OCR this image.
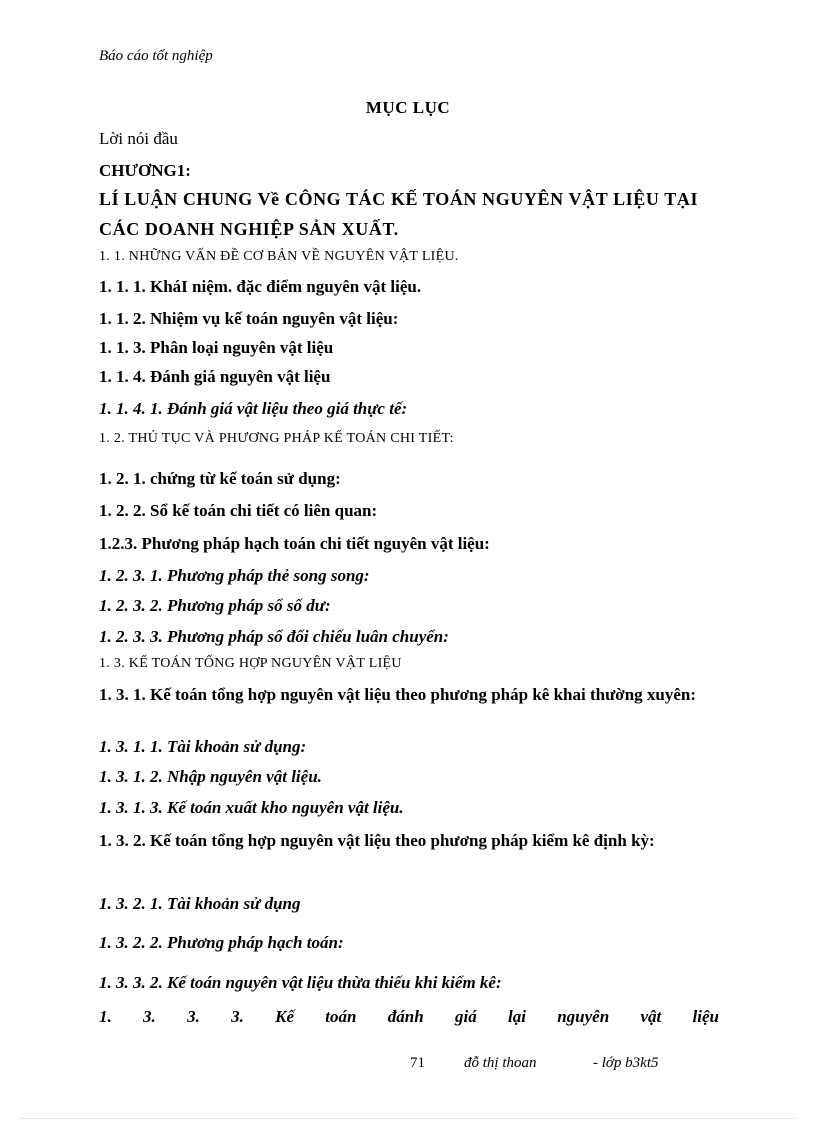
Báo cáo tốt nghiệp
MỤC LỤC
Lời nói đầu
CHƯƠNG1:
LÍ LUẬN CHUNG Về CÔNG TÁC KẾ TOÁN NGUYÊN VẬT LIỆU TẠI
CÁC DOANH NGHIỆP SẢN XUẤT.
1. 1. NHỮNG VẤN ĐỀ CƠ BẢN VỀ NGUYÊN VẬT LIỆU.
1. 1. 1. KháI niệm. đặc điểm nguyên vật liệu.
1. 1. 2. Nhiệm vụ kế toán nguyên vật liệu:
1. 1. 3. Phân loại nguyên vật liệu
1. 1. 4. Đánh giá nguyên vật liệu
1. 1. 4. 1. Đánh giá vật liệu theo giá thực tế:
1. 2. THỦ TỤC VÀ PHƯƠNG PHÁP KẾ TOÁN CHI TIẾT:
1. 2. 1. chứng từ kế toán sử dụng:
1. 2. 2. Sổ kế toán chi tiết có liên quan:
1.2.3. Phương pháp hạch toán chi tiết nguyên vật liệu:
1. 2. 3. 1. Phương pháp thẻ song song:
1. 2. 3. 2. Phương pháp sổ số dư:
1. 2. 3. 3. Phương pháp sổ đối chiếu luân chuyển:
1. 3. KẾ TOÁN TỔNG HỢP NGUYÊN VẬT LIỆU
1. 3. 1. Kế toán tổng hợp nguyên vật liệu theo phương pháp kê khai thường xuyên:
1. 3. 1. 1. Tài khoản sử dụng:
1. 3. 1. 2. Nhập nguyên vật liệu.
1. 3. 1. 3. Kế toán xuất kho nguyên vật liệu.
1. 3. 2. Kế toán tổng hợp nguyên vật liệu theo phương pháp kiểm kê định kỳ:
1. 3. 2. 1. Tài khoản sử dụng
1. 3. 2. 2. Phương pháp hạch toán:
1. 3. 3. 2. Kế toán nguyên vật liệu thừa thiếu khi kiểm kê:
1. 3. 3. 3. Kế toán đánh giá lại nguyên vật liệu
71	đỗ thị thoan	- lớp b3kt5
